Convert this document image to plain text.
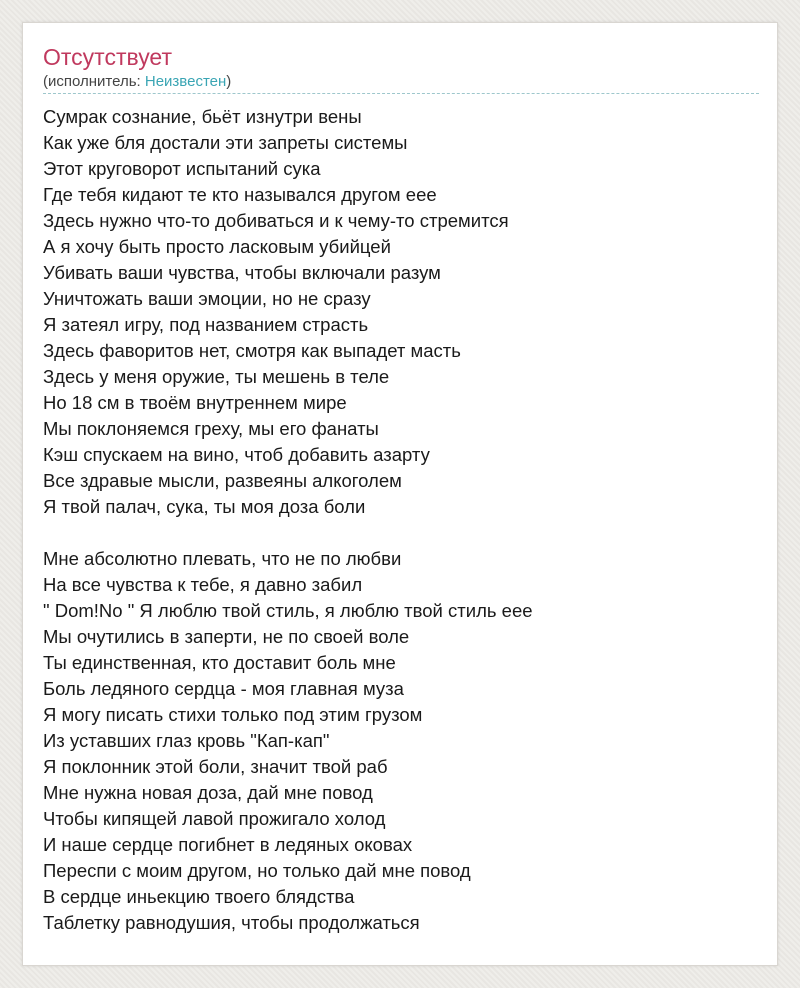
Отсутствует
(исполнитель: Неизвестен)
Сумрак сознание, бьёт изнутри вены
Как уже бля достали эти запреты системы
Этот круговорот испытаний сука
Где тебя кидают те кто назывался другом еее
Здесь нужно что-то добиваться и к чему-то стремится
А я хочу быть просто ласковым убийцей
Убивать ваши чувства, чтобы включали разум
Уничтожать ваши эмоции, но не сразу
Я затеял игру, под названием страсть
Здесь фаворитов нет, смотря как выпадет масть
Здесь у меня оружие, ты мешень в теле
Но 18 см в твоём внутреннем мире
Мы поклоняемся греху, мы его фанаты
Кэш спускаем на вино, чтоб добавить азарту
Все здравые мысли, развеяны алкоголем
Я твой палач, сука, ты моя доза боли
Мне абсолютно плевать, что не по любви
На все чувства к тебе, я давно забил
" Dom!No " Я люблю твой стиль, я люблю твой стиль еее
Мы очутились в заперти, не по своей воле
Ты единственная, кто доставит боль мне
Боль ледяного сердца - моя главная муза
Я могу писать стихи только под этим грузом
Из уставших глаз кровь "Кап-кап"
Я поклонник этой боли, значит твой раб
Мне нужна новая доза, дай мне повод
Чтобы кипящей лавой прожигало холод
И наше сердце погибнет в ледяных оковах
Переспи с моим другом, но только дай мне повод
В сердце иньекцию твоего блядства
Таблетку равнодушия, чтобы продолжаться
